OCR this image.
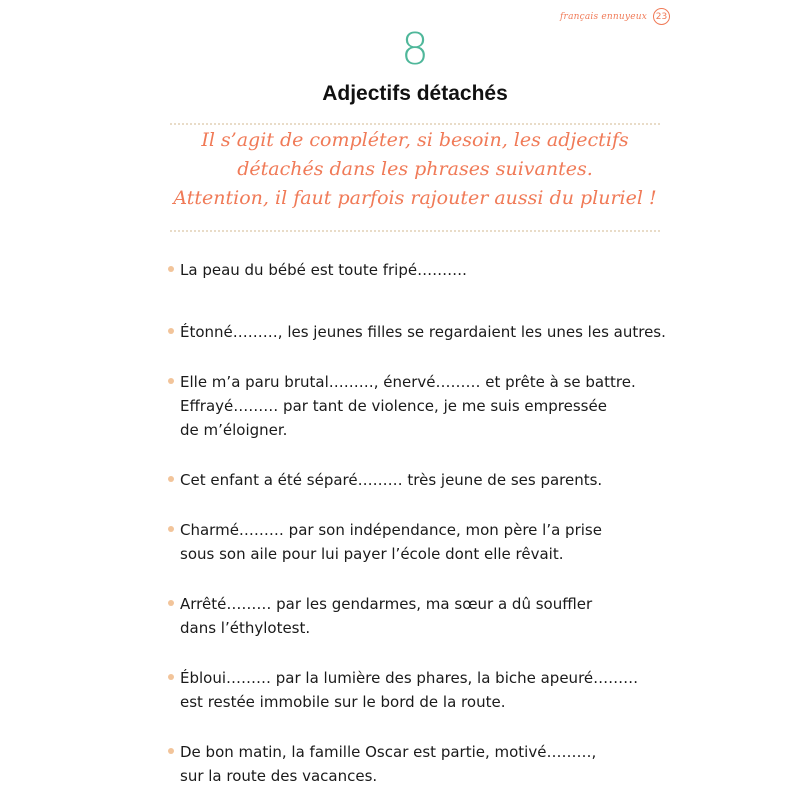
français ennuyeux 23
8
Adjectifs détachés
Il s’agit de compléter, si besoin, les adjectifs
détachés dans les phrases suivantes.
Attention, il faut parfois rajouter aussi du pluriel !
La peau du bébé est toute fripé……….
Étonné………, les jeunes filles se regardaient les unes les autres.
Elle m’a paru brutal………, énervé……… et prête à se battre.
Effrayé……… par tant de violence, je me suis empressée
de m’éloigner.
Cet enfant a été séparé……… très jeune de ses parents.
Charmé……… par son indépendance, mon père l’a prise
sous son aile pour lui payer l’école dont elle rêvait.
Arrêté……… par les gendarmes, ma sœur a dû souffler
dans l’éthylotest.
Ébloui……… par la lumière des phares, la biche apeuré………
est restée immobile sur le bord de la route.
De bon matin, la famille Oscar est partie, motivé………,
sur la route des vacances.
